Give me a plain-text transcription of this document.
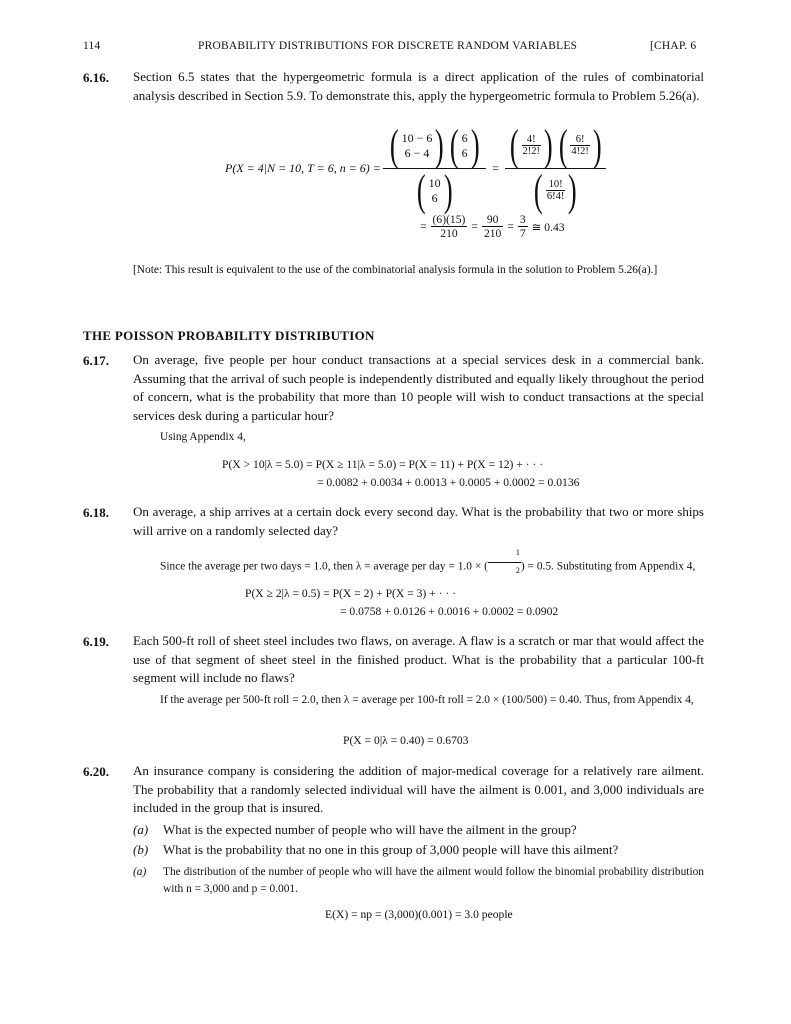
114	PROBABILITY DISTRIBUTIONS FOR DISCRETE RANDOM VARIABLES	[CHAP. 6
6.16. Section 6.5 states that the hypergeometric formula is a direct application of the rules of combinatorial analysis described in Section 5.9. To demonstrate this, apply the hypergeometric formula to Problem 5.26(a).
P(X = 4|N = 10, T = 6, n = 6) = ( 10 − 6
6 − 4 ) ( 6
6 )
( 10
6 ) = ( 4!
2!2! ) ( 6!
4!2! )
( 10!
6!4! )
= $\frac{(6)(15)}{210} = \frac{90}{210} = \frac{3}{7}$ ≅ 0.43
[Note: This result is equivalent to the use of the combinatorial analysis formula in the solution to Problem 5.26(a).]
THE POISSON PROBABILITY DISTRIBUTION
6.17. On average, five people per hour conduct transactions at a special services desk in a commercial bank. Assuming that the arrival of such people is independently distributed and equally likely throughout the period of concern, what is the probability that more than 10 people will wish to conduct transactions at the special services desk during a particular hour?
Using Appendix 4,
P(X > 10|λ = 5.0) = P(X ≥ 11|λ = 5.0) = P(X = 11) + P(X = 12) + · · ·
= 0.0082 + 0.0034 + 0.0013 + 0.0005 + 0.0002 = 0.0136
6.18. On average, a ship arrives at a certain dock every second day. What is the probability that two or more ships will arrive on a randomly selected day?
Since the average per two days = 1.0, then λ = average per day = 1.0 × ( $\frac{1}{2}$ ) = 0.5. Substituting from Appendix 4,
P(X ≥ 2|λ = 0.5) = P(X = 2) + P(X = 3) + · · ·
= 0.0758 + 0.0126 + 0.0016 + 0.0002 = 0.0902
6.19. Each 500-ft roll of sheet steel includes two flaws, on average. A flaw is a scratch or mar that would affect the use of that segment of sheet steel in the finished product. What is the probability that a particular 100-ft segment will include no flaws?
If the average per 500-ft roll = 2.0, then λ = average per 100-ft roll = 2.0 × (100/500) = 0.40. Thus, from Appendix 4,
P(X = 0|λ = 0.40) = 0.6703
6.20. An insurance company is considering the addition of major-medical coverage for a relatively rare ailment. The probability that a randomly selected individual will have the ailment is 0.001, and 3,000 individuals are included in the group that is insured.
(a) What is the expected number of people who will have the ailment in the group?
(b) What is the probability that no one in this group of 3,000 people will have this ailment?
(a) The distribution of the number of people who will have the ailment would follow the binomial probability distribution with n = 3,000 and p = 0.001.
E(X) = np = (3,000)(0.001) = 3.0 people
